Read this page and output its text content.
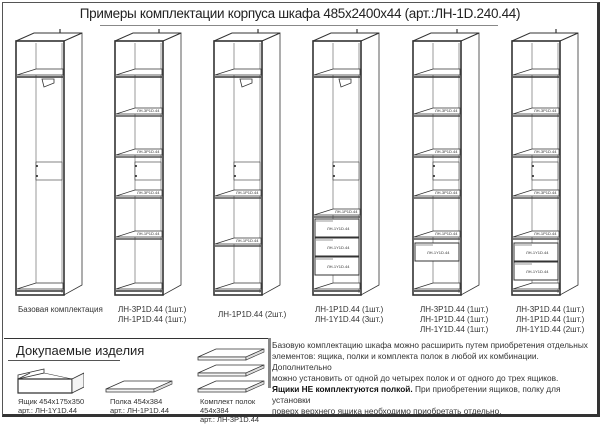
Примеры комплектации корпуса шкафа 485x2400x44 (арт.:ЛН-1D.240.44)
ЛН-3Р1D.44
ЛН-3Р1D.44
ЛН-3Р1D.44
ЛН-1Р1D.44
ЛН-1Р1D.44
ЛН-1Р1D.44
ЛН-1Р1D.44
ЛН-1Y1D.44
ЛН-1Y1D.44
ЛН-1Y1D.44
ЛН-3Р1D.44
ЛН-3Р1D.44
ЛН-3Р1D.44
ЛН-1Р1D.44
ЛН-1Y1D.44
ЛН-3Р1D.44
ЛН-3Р1D.44
ЛН-3Р1D.44
ЛН-1Р1D.44
ЛН-1Y1D.44
ЛН-1Y1D.44
Базовая комплектация ЛН-3Р1D.44 (1шт.)
ЛН-1Р1D.44 (1шт.)
ЛН-1Р1D.44 (2шт.)
ЛН-1Р1D.44 (1шт.)
ЛН-1Y1D.44 (3шт.)
ЛН-3Р1D.44 (1шт.)
ЛН-1Р1D.44 (1шт.)
ЛН-1Y1D.44 (1шт.)
ЛН-3Р1D.44 (1шт.)
ЛН-1Р1D.44 (1шт.)
ЛН-1Y1D.44 (2шт.)
Докупаемые изделия
Ящик 454x175x350
арт.: ЛН-1Y1D.44
Полка 454x384
арт.: ЛН-1Р1D.44
Комплект полок 454x384
арт.: ЛН-3Р1D.44
Базовую комплектацию шкафа можно расширить путем приобретения отдельных
элементов: ящика, полки и комплекта полок в любой их комбинации. Дополнительно
можно установить от одной до четырех полок и от одного до трех ящиков.
Ящики НЕ комплектуются полкой. При приобретении ящиков, полку для установки
поверх верхнего ящика необходимо приобретать отдельно.
